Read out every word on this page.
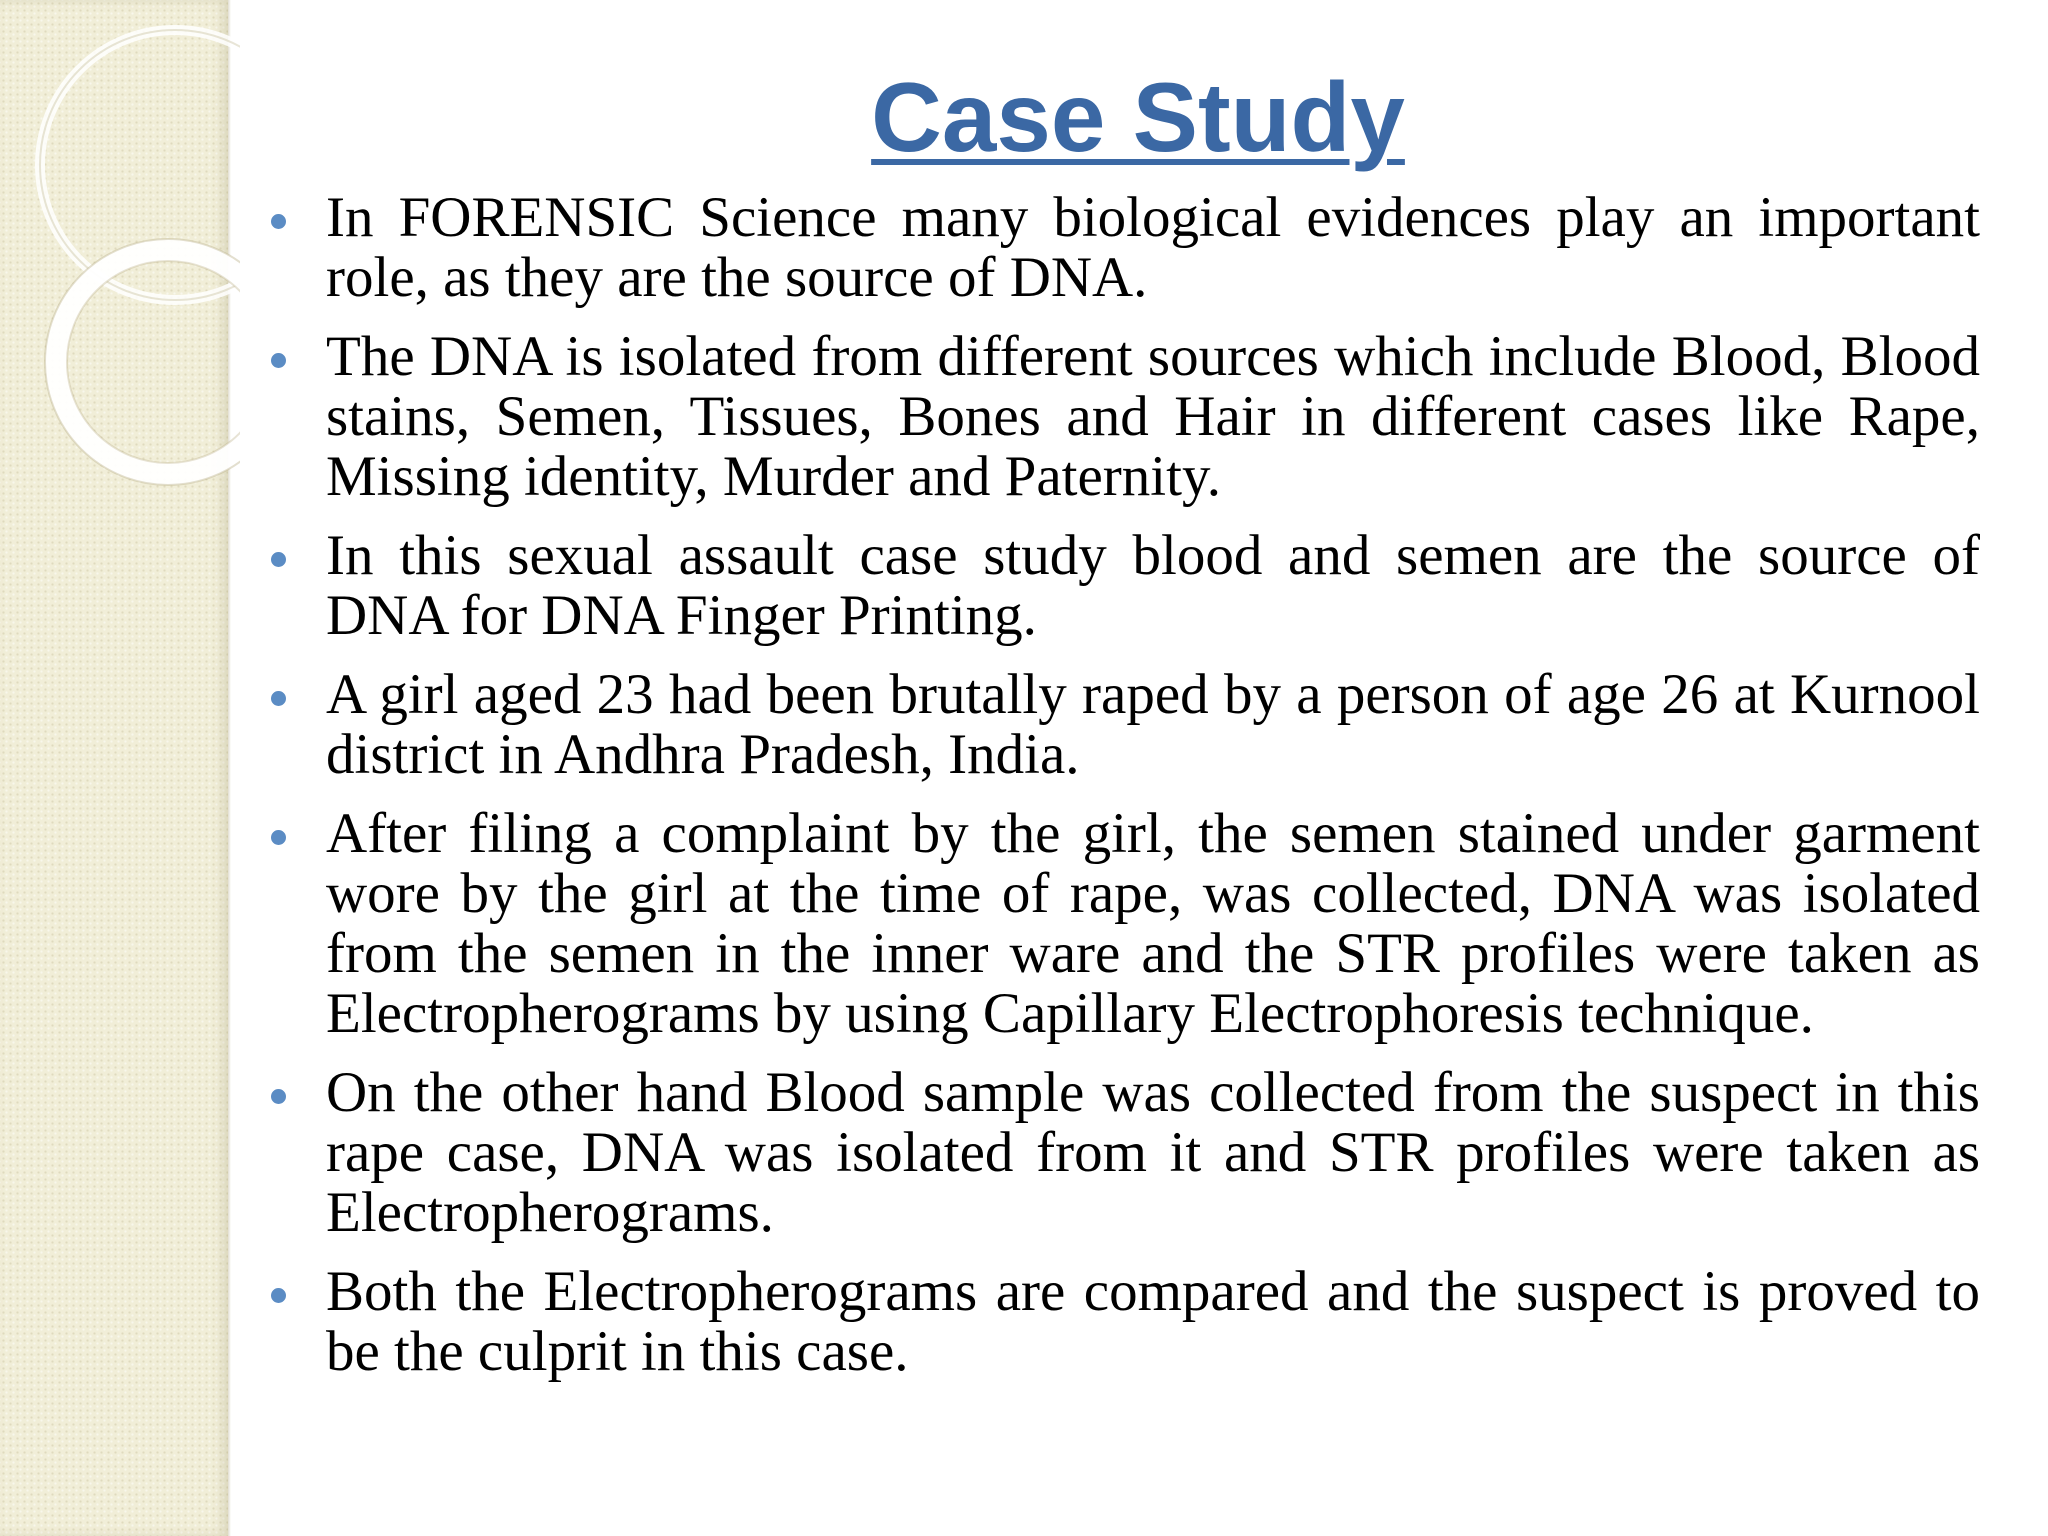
Case Study
In FORENSIC Science many biological evidences play an important role, as they are the source of DNA.
The DNA is isolated from different sources which include Blood, Blood stains, Semen, Tissues, Bones and Hair in different cases like Rape, Missing identity, Murder and Paternity.
In this sexual assault case study blood and semen are the source of DNA for DNA Finger Printing.
A girl aged 23 had been brutally raped by a person of age 26 at Kurnool district in Andhra Pradesh, India.
After filing a complaint by the girl, the semen stained under garment wore by the girl at the time of rape, was collected, DNA was isolated from the semen in the inner ware and the STR profiles were taken as Electropherograms by using Capillary Electrophoresis technique.
On the other hand Blood sample was collected from the suspect in this rape case, DNA was isolated from it and STR profiles were taken as Electropherograms.
Both the Electropherograms are compared and the suspect is proved to be the culprit in this case.
